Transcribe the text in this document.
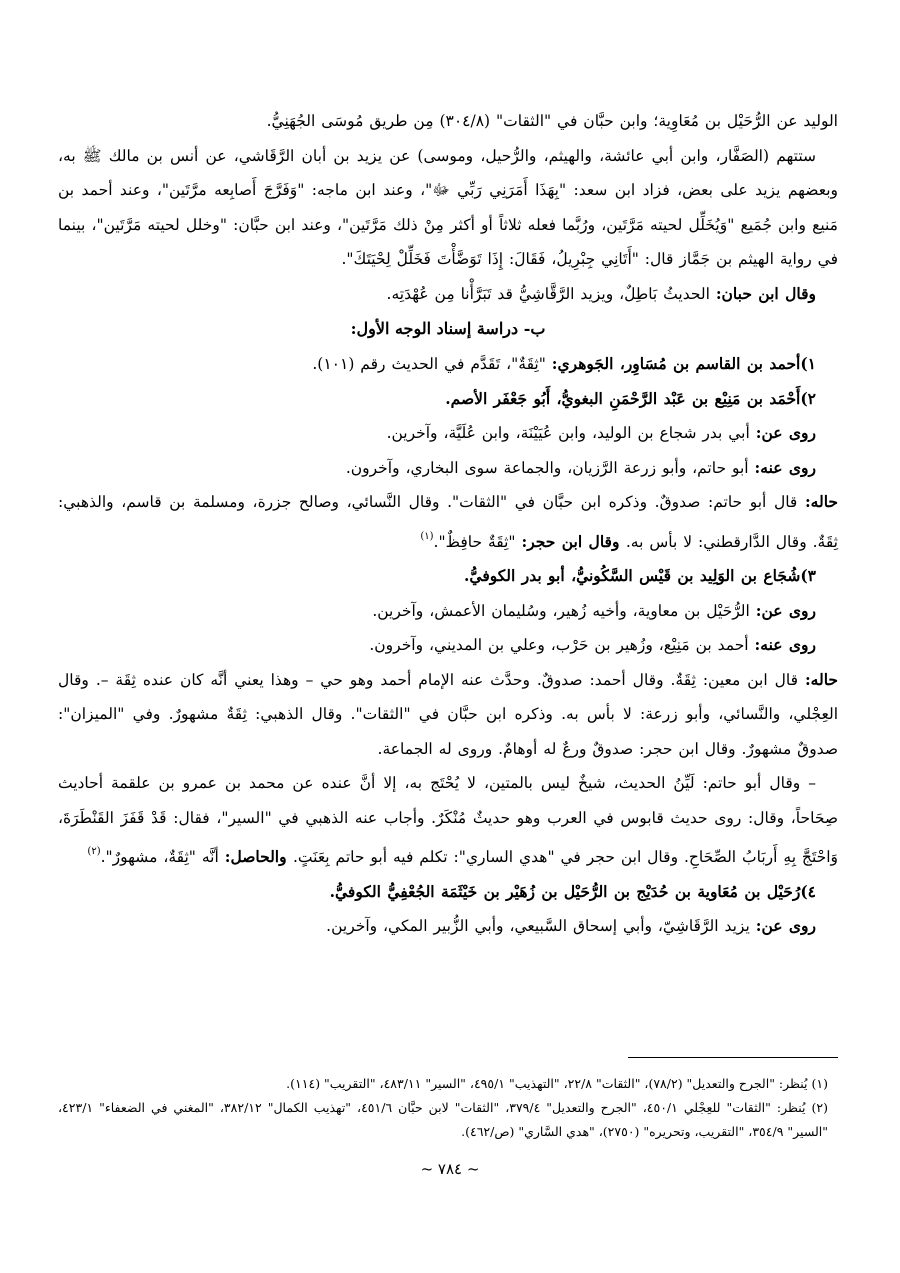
الوليد عن الرُّحَيْل بن مُعَاوِية؛ وابن حبَّان في "الثقات" (٣٠٤/٨) مِن طريق مُوسَى الجُهَنِيُّ.

ستتهم (الصَفَّار، وابن أبي عائشة، والهيثم، والرُّحيل، وموسى) عن يزيد بن أبان الرَّقَاشي، عن أنس بن مالك ﷺ به، وبعضهم يزيد على بعض، فزاد ابن سعد: "بِهَذَا أَمَرَنِي رَبِّي ﷻ"، وعند ابن ماجه: "وَفَرَّجَ أَصابِعه مرَّتَين"، وعند أحمد بن مَنيع وابن جُمَيع "وَيُخَلِّل لحيته مَرَّتَين، ورُبَّما فعله ثلاثاً أو أكثر مِنْ ذلك مَرَّتَين"، وعند ابن حبَّان: "وخلل لحيته مَرَّتَين"، بينما في رواية الهيثم بن جَمَّاز قال: "أَتَانِي جِبْرِيلُ، فَقَالَ: إِذَا تَوَضَّأْتَ فَخَلِّلْ لِحْيَتَكَ".

وقال ابن حبان: الحديثُ بَاطِلٌ، ويزيد الرَّقَّاشِيُّ قد تَبَرَّأْنا مِن عُهْدَتِه.

ب- دراسة إسناد الوجه الأول:

١)أحمد بن القاسم بن مُسَاوِر، الجَوهري: "ثِقَةٌ"، تَقَدَّم في الحديث رقم (١٠١).

٢)أَحْمَد بن مَنِيْع بن عَبْد الرَّحْمَنِ البغويُّ، أَبُو جَعْفَر الأصم.

روى عن: أبي بدر شجاع بن الوليد، وابن عُيَيْنَة، وابن عُلَيَّة، وآخرين.

روى عنه: أبو حاتم، وأبو زرعة الرَّزيان، والجماعة سوى البخاري، وآخرون.

حاله: قال أبو حاتم: صدوقٌ. وذكره ابن حبَّان في "الثقات". وقال النَّسائي، وصالح جزرة، ومسلمة بن قاسم، والذهبي: ثِقَةٌ. وقال الدَّارقطني: لا بأس به. وقال ابن حجر: "ثِقَةٌ حافِظٌ".$^{(١)}$

٣)شُجَاع بن الوَلِيد بن قَيْس السَّكُونيُّ، أبو بدر الكوفيُّ.

روى عن: الرُّحَيْل بن معاوية، وأخيه زُهير، وسُليمان الأعمش، وآخرين.

روى عنه: أحمد بن مَنِيْع، وزُهير بن حَرْب، وعلي بن المديني، وآخرون.

حاله: قال ابن معين: ثِقَةٌ. وقال أحمد: صدوقٌ. وحدَّث عنه الإمام أحمد وهو حي – وهذا يعني أنَّه كان عنده ثِقَة –. وقال العِجْلي، والنَّسائي، وأبو زرعة: لا بأس به. وذكره ابن حبَّان في "الثقات". وقال الذهبي: ثِقَةٌ مشهورٌ. وفي "الميزان": صدوقٌ مشهورٌ. وقال ابن حجر: صدوقٌ ورعٌ له أوهامٌ. وروى له الجماعة.

– وقال أبو حاتم: لَيِّنُ الحديث، شيخٌ ليس بالمتين، لا يُحْتَج به، إلا أنَّ عنده عن محمد بن عمرو بن علقمة أحاديث صِحَاحاً، وقال: روى حديث قابوس في العرب وهو حديثٌ مُنْكَرٌ. وأجاب عنه الذهبي في "السير"، فقال: قَدْ قَفَزَ القَنْطَرَةَ، وَاحْتَجَّ بِهِ أَربَابُ الصِّحَاحِ. وقال ابن حجر في "هدي الساري": تكلم فيه أبو حاتم بِعَنَتٍ. والحاصل: أنَّه "ثِقَةٌ، مشهورٌ".$^{(٢)}$

٤)رُحَيْل بن مُعَاوية بن حُدَيْج بن الرُّحَيْل بن زُهَيْر بن خَيْثَمَة الجُعْفِيُّ الكوفيُّ.

روى عن: يزيد الرَّقَاشِيّ، وأبي إسحاق السَّبيعي، وأبي الزُّبير المكي، وآخرين.

(١) يُنظر: "الجرح والتعديل" (٧٨/٢)، "الثقات" ٢٢/٨، "التهذيب" ٤٩٥/١، "السير" ٤٨٣/١١، "التقريب" (١١٤).

(٢) يُنظر: "الثقات" للعِجْلي ٤٥٠/١، "الجرح والتعديل" ٣٧٩/٤، "الثقات" لابن حبَّان ٤٥١/٦، "تهذيب الكمال" ٣٨٢/١٢، "المغني في الضعفاء" ٤٢٣/١، "السير" ٣٥٤/٩، "التقريب، وتحريره" (٢٧٥٠)، "هدي السَّاري" (ص/٤٦٢).

~ ٧٨٤ ~
